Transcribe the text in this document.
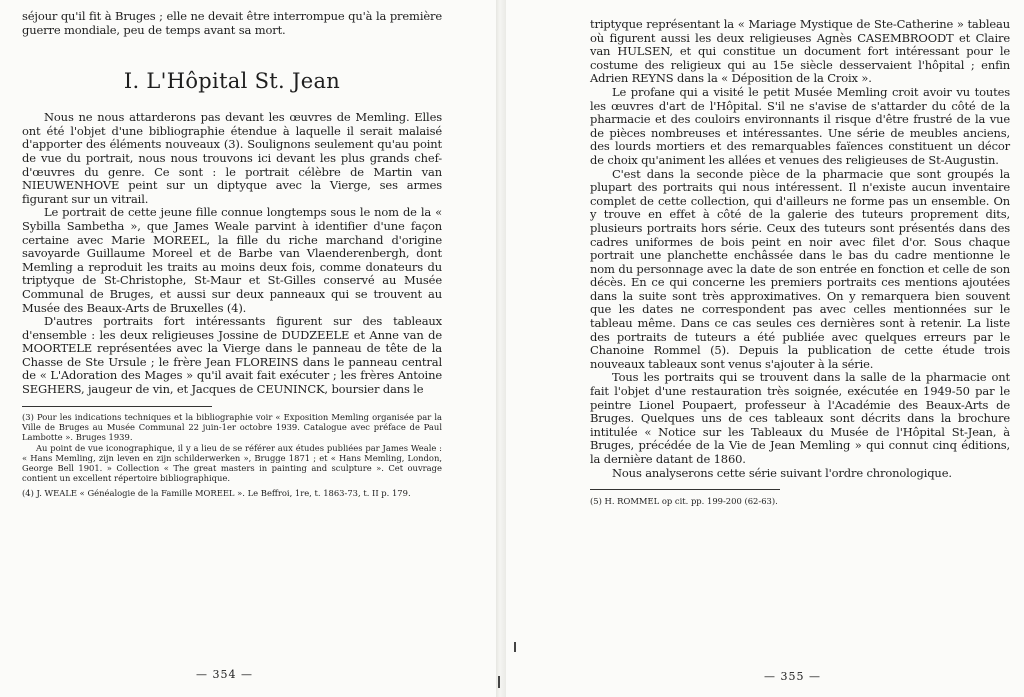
séjour qu'il fit à Bruges ; elle ne devait être interrompue qu'à la première guerre mondiale, peu de temps avant sa mort.

I. L'Hôpital St. Jean

Nous ne nous attarderons pas devant les œuvres de Memling. Elles ont été l'objet d'une bibliographie étendue à laquelle il serait malaisé d'apporter des éléments nouveaux (3). Soulignons seulement qu'au point de vue du portrait, nous nous trouvons ici devant les plus grands chef-d'œuvres du genre. Ce sont : le portrait célèbre de Martin van NIEUWENHOVE peint sur un diptyque avec la Vierge, ses armes figurant sur un vitrail.

Le portrait de cette jeune fille connue longtemps sous le nom de la « Sybilla Sambetha », que James Weale parvint à identifier d'une façon certaine avec Marie MOREEL, la fille du riche marchand d'origine savoyarde Guillaume Moreel et de Barbe van Vlaenderenbergh, dont Memling a reproduit les traits au moins deux fois, comme donateurs du triptyque de St-Christophe, St-Maur et St-Gilles conservé au Musée Communal de Bruges, et aussi sur deux panneaux qui se trouvent au Musée des Beaux-Arts de Bruxelles (4).

D'autres portraits fort intéressants figurent sur des tableaux d'ensemble : les deux religieuses Jossine de DUDZEELE et Anne van de MOORTELE représentées avec la Vierge dans le panneau de tête de la Chasse de Ste Ursule ; le frère Jean FLOREINS dans le panneau central de « L'Adoration des Mages » qu'il avait fait exécuter ; les frères Antoine SEGHERS, jaugeur de vin, et Jacques de CEUNINCK, boursier dans le

(3) Pour les indications techniques et la bibliographie voir « Exposition Memling organisée par la Ville de Bruges au Musée Communal 22 juin-1er octobre 1939. Catalogue avec préface de Paul Lambotte ». Bruges 1939.

Au point de vue iconographique, il y a lieu de se référer aux études publiées par James Weale : « Hans Memling, zijn leven en zijn schilderwerken », Brugge 1871 ; et « Hans Memling, London, George Bell 1901. » Collection « The great masters in painting and sculpture ». Cet ouvrage contient un excellent répertoire bibliographique.

(4) J. WEALE « Généalogie de la Famille MOREEL ». Le Beffroi, 1re, t. 1863-73, t. II p. 179.

— 354 —

triptyque représentant la « Mariage Mystique de Ste-Catherine » tableau où figurent aussi les deux religieuses Agnès CASEMBROODT et Claire van HULSEN, et qui constitue un document fort intéressant pour le costume des religieux qui au 15e siècle desservaient l'hôpital ; enfin Adrien REYNS dans la « Déposition de la Croix ».

Le profane qui a visité le petit Musée Memling croit avoir vu toutes les œuvres d'art de l'Hôpital. S'il ne s'avise de s'attarder du côté de la pharmacie et des couloirs environnants il risque d'être frustré de la vue de pièces nombreuses et intéressantes. Une série de meubles anciens, des lourds mortiers et des remarquables faïences constituent un décor de choix qu'animent les allées et venues des religieuses de St-Augustin.

C'est dans la seconde pièce de la pharmacie que sont groupés la plupart des portraits qui nous intéressent. Il n'existe aucun inventaire complet de cette collection, qui d'ailleurs ne forme pas un ensemble. On y trouve en effet à côté de la galerie des tuteurs proprement dits, plusieurs portraits hors série. Ceux des tuteurs sont présentés dans des cadres uniformes de bois peint en noir avec filet d'or. Sous chaque portrait une planchette enchâssée dans le bas du cadre mentionne le nom du personnage avec la date de son entrée en fonction et celle de son décès. En ce qui concerne les premiers portraits ces mentions ajoutées dans la suite sont très approximatives. On y remarquera bien souvent que les dates ne correspondent pas avec celles mentionnées sur le tableau même. Dans ce cas seules ces dernières sont à retenir. La liste des portraits de tuteurs a été publiée avec quelques erreurs par le Chanoine Rommel (5). Depuis la publication de cette étude trois nouveaux tableaux sont venus s'ajouter à la série.

Tous les portraits qui se trouvent dans la salle de la pharmacie ont fait l'objet d'une restauration très soignée, exécutée en 1949-50 par le peintre Lionel Poupaert, professeur à l'Académie des Beaux-Arts de Bruges. Quelques uns de ces tableaux sont décrits dans la brochure intitulée « Notice sur les Tableaux du Musée de l'Hôpital St-Jean, à Bruges, précédée de la Vie de Jean Memling » qui connut cinq éditions, la dernière datant de 1860.

Nous analyserons cette série suivant l'ordre chronologique.

(5) H. ROMMEL op cit. pp. 199-200 (62-63).

— 355 —
